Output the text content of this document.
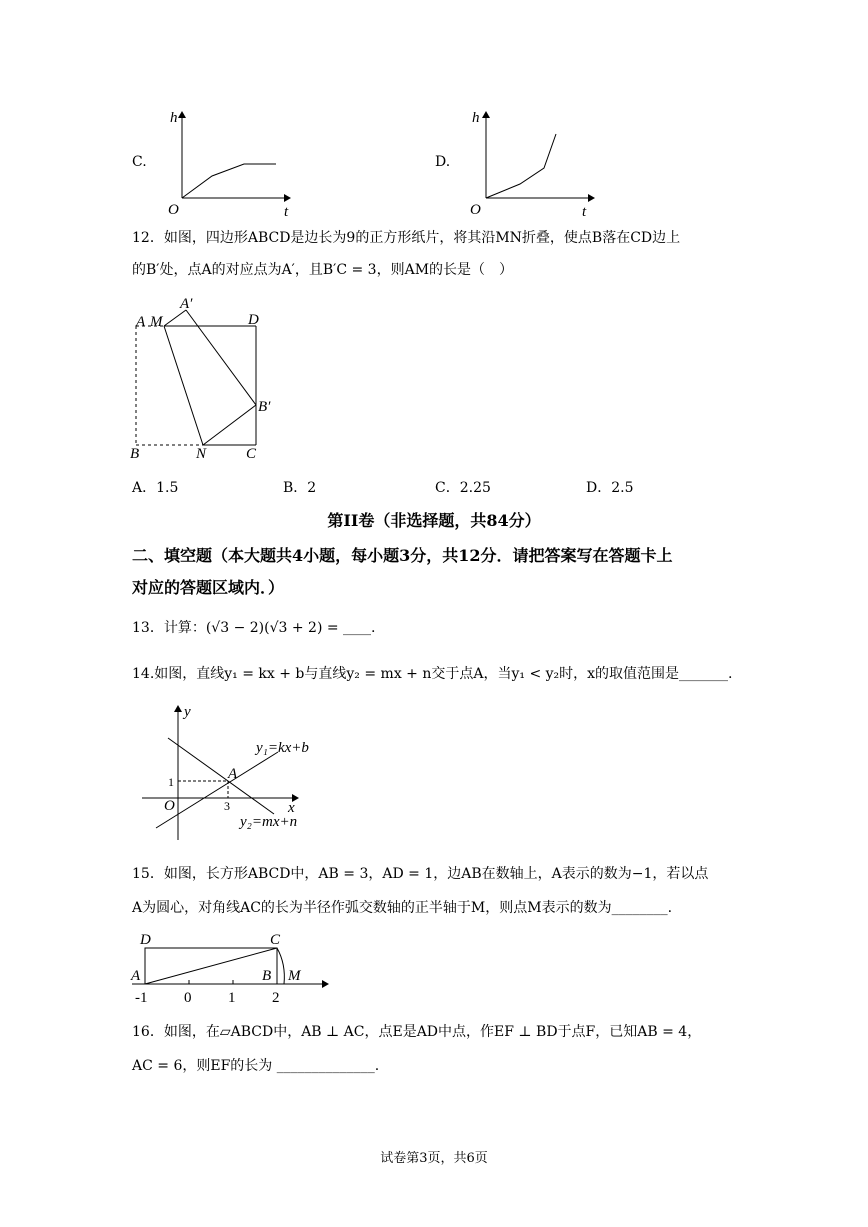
C.
h
t
O
D.
h
t
O
12．如图，四边形ABCD是边长为9的正方形纸片，将其沿MN折叠，使点B落在CD边上
的B′处，点A的对应点为A′，且B′C = 3，则AM的长是（　）
A M
A′
D
B′
B	N	C
A．1.5	B．2	C．2.25	D．2.5
第II卷（非选择题，共84分）
二、填空题（本大题共4小题，每小题3分，共12分．请把答案写在答题卡上
对应的答题区域内．）
13．计算：(√3 − 2)(√3 + 2) = ____.
14.如图，直线y₁ = kx + b与直线y₂ = mx + n交于点A，当y₁ < y₂时，x的取值范围是_______.
y
x
O
A
1
3
y₁=kx+b
y₂=mx+n
15．如图，长方形ABCD中，AB = 3，AD = 1，边AB在数轴上，A表示的数为−1，若以点
A为圆心，对角线AC的长为半径作弧交数轴的正半轴于M，则点M表示的数为________.
D	C
A	B M
-1 0 1 2
16．如图，在▱ABCD中，AB ⊥ AC，点E是AD中点，作EF ⊥ BD于点F，已知AB = 4，
AC = 6，则EF的长为 ______________.
试卷第3页，共6页
